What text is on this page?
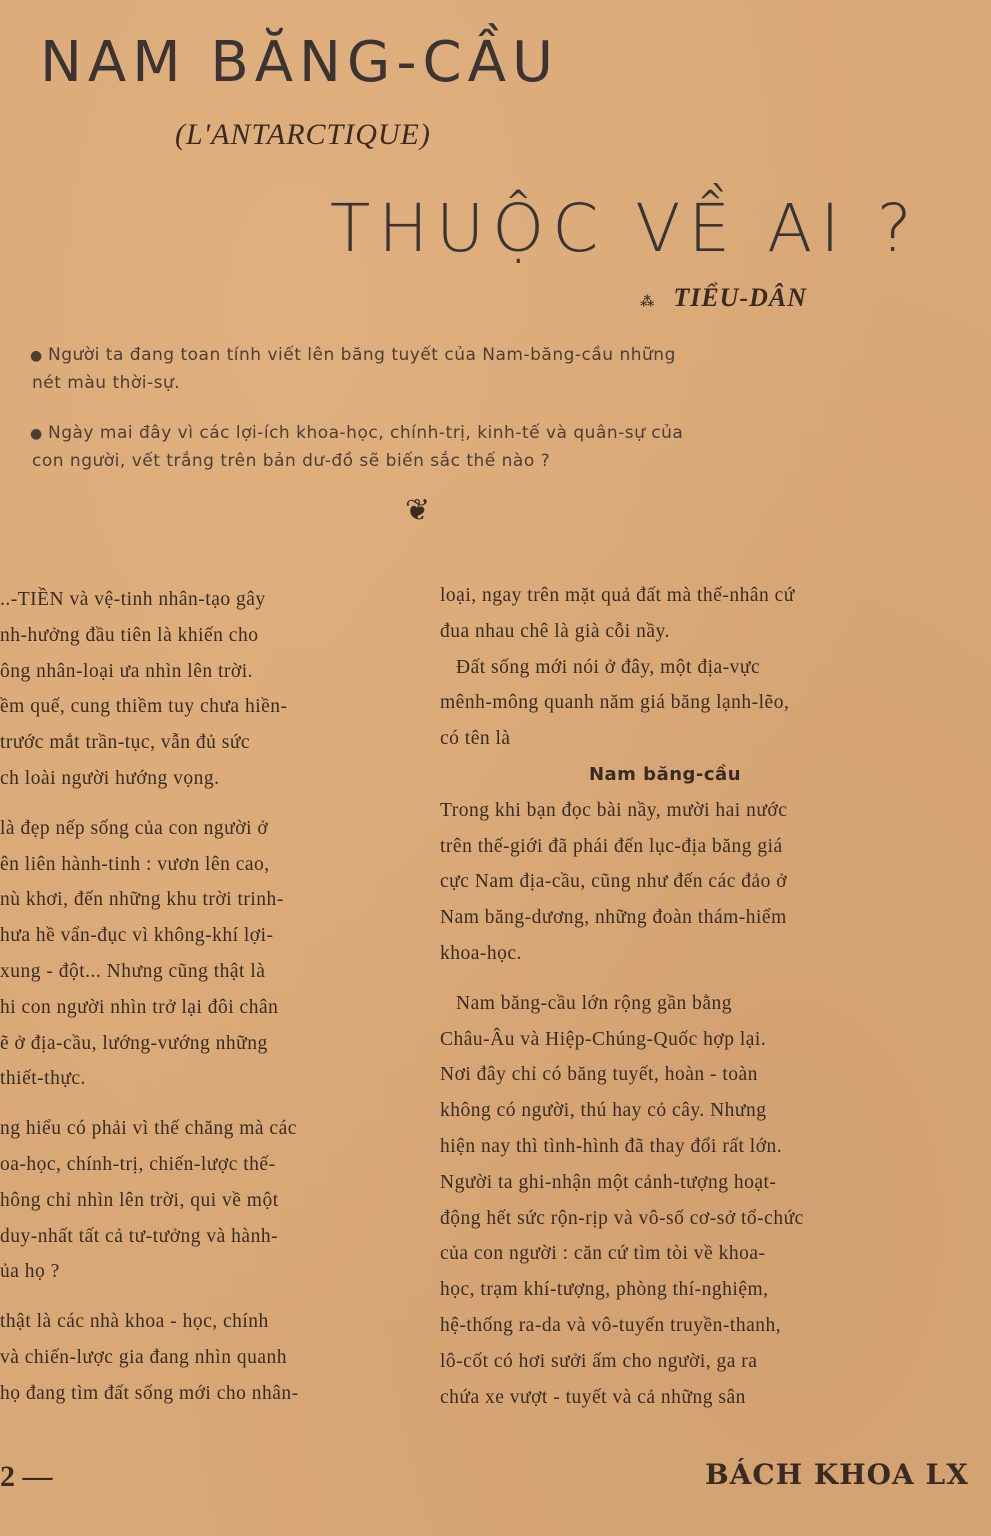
NAM BĂNG-CẦU
(L'ANTARCTIQUE)
THUỘC VỀ AI ?
⁂ TIỂU-DÂN
● Người ta đang toan tính viết lên băng tuyết của Nam-băng-cầu những
nét màu thời-sự.
● Ngày mai đây vì các lợi-ích khoa-học, chính-trị, kinh-tế và quân-sự của
con người, vết trắng trên bản dư-đồ sẽ biến sắc thế nào ?
❦
..-TIỀN và vệ-tinh nhân-tạo gây
nh-hưởng đầu tiên là khiến cho
ông nhân-loại ưa nhìn lên trời.
ềm quế, cung thiềm tuy chưa hiền-
trước mắt trần-tục, vẫn đủ sức
ch loài người hướng vọng.
là đẹp nếp sống của con người ở
ên liên hành-tinh : vươn lên cao,
nù khơi, đến những khu trời trinh-
hưa hề vẩn-đục vì không-khí lợi-
xung - đột... Nhưng cũng thật là
hi con người nhìn trở lại đôi chân
ẽ ở địa-cầu, lướng-vướng những
thiết-thực.
ng hiểu có phải vì thế chăng mà các
oa-học, chính-trị, chiến-lược thế-
hông chỉ nhìn lên trời, qui về một
duy-nhất tất cả tư-tưởng và hành-
ủa họ ?
thật là các nhà khoa - học, chính
và chiến-lược gia đang nhìn quanh
họ đang tìm đất sống mới cho nhân-
loại, ngay trên mặt quả đất mà thế-nhân cứ
đua nhau chê là già cỗi nầy.
Đất sống mới nói ở đây, một địa-vực
mênh-mông quanh năm giá băng lạnh-lẽo,
có tên là
Nam băng-cầu
Trong khi bạn đọc bài nầy, mười hai nước
trên thế-giới đã phái đến lục-địa băng giá
cực Nam địa-cầu, cũng như đến các đảo ở
Nam băng-dương, những đoàn thám-hiểm
khoa-học.
Nam băng-cầu lớn rộng gần bằng
Châu-Âu và Hiệp-Chúng-Quốc hợp lại.
Nơi đây chỉ có băng tuyết, hoàn - toàn
không có người, thú hay cỏ cây. Nhưng
hiện nay thì tình-hình đã thay đổi rất lớn.
Người ta ghi-nhận một cảnh-tượng hoạt-
động hết sức rộn-rịp và vô-số cơ-sở tổ-chức
của con người : căn cứ tìm tòi về khoa-
học, trạm khí-tượng, phòng thí-nghiệm,
hệ-thống ra-da và vô-tuyến truyền-thanh,
lô-cốt có hơi sưởi ấm cho người, ga ra
chứa xe vượt - tuyết và cả những sân
2 —	BÁCH KHOA LX
